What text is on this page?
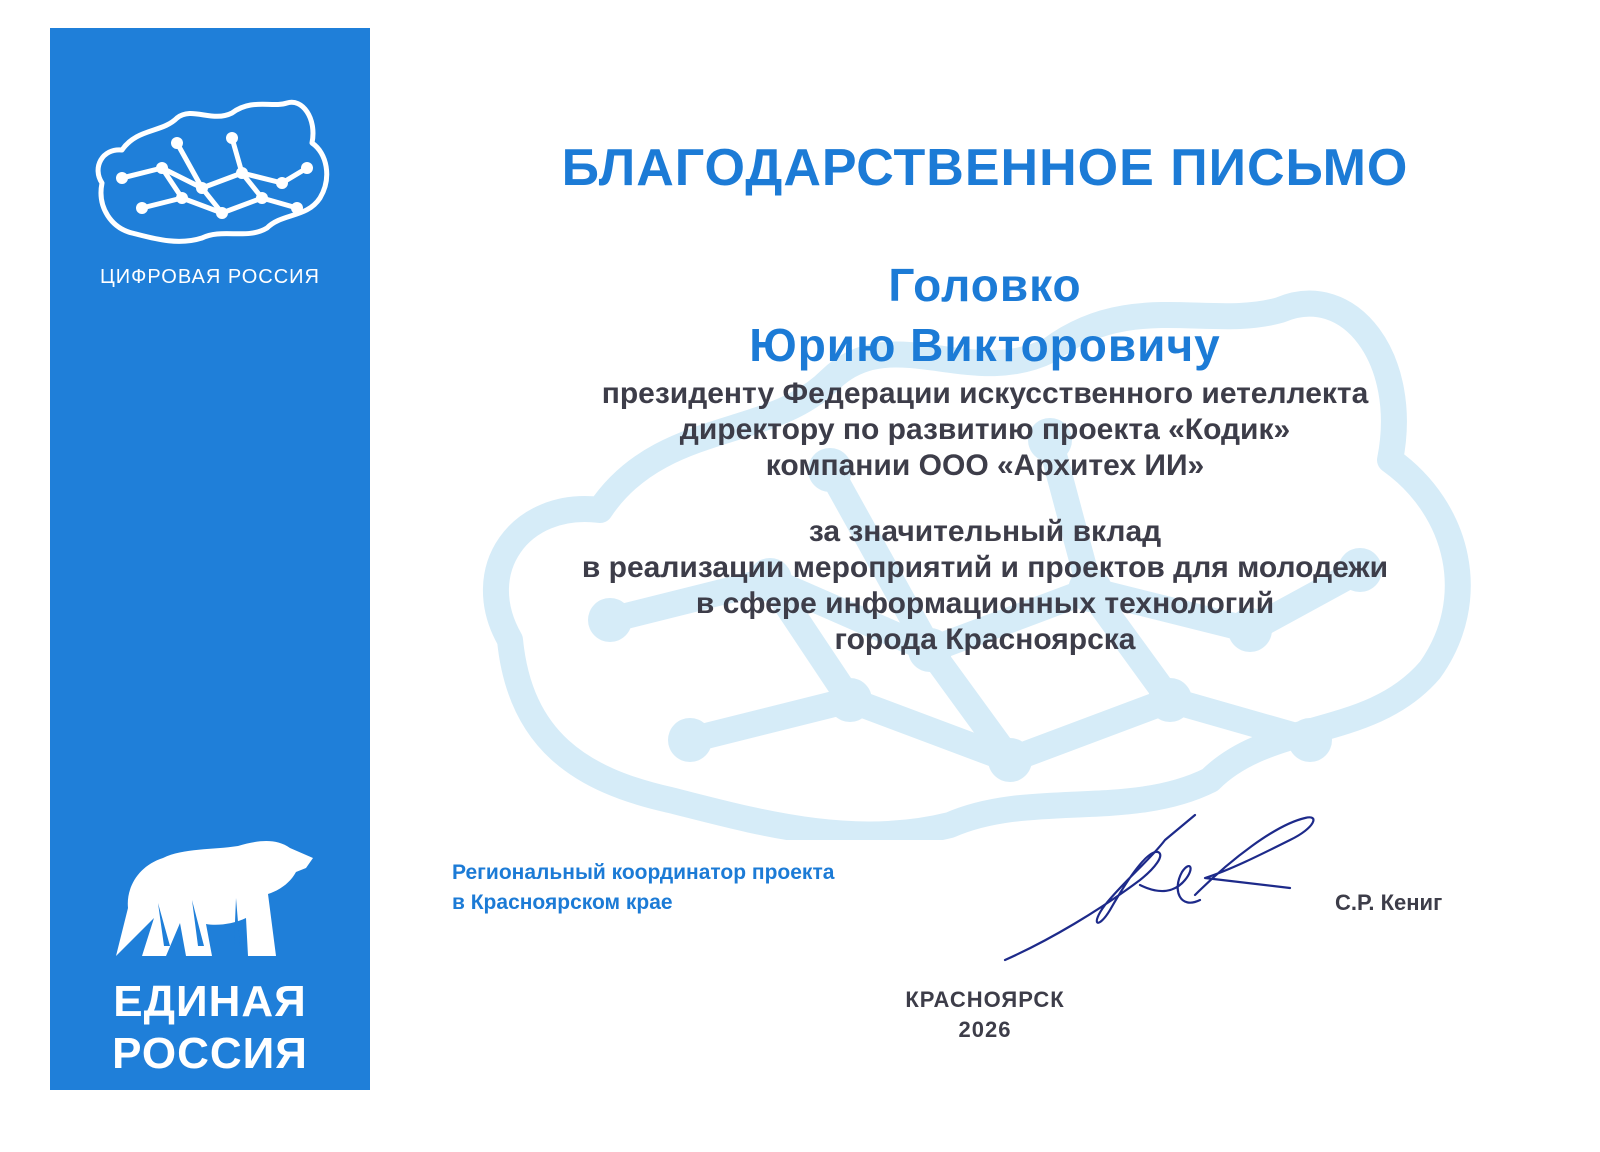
ЦИФРОВАЯ РОССИЯ
ЕДИНАЯ
РОССИЯ
БЛАГОДАРСТВЕННОЕ ПИСЬМО
Головко
Юрию Викторовичу
президенту Федерации искусственного иетеллекта
директору по развитию проекта «Кодик»
компании ООО «Архитех ИИ»
за значительный вклад
в реализации мероприятий и проектов для молодежи
в сфере информационных технологий
города Красноярска
Региональный координатор проекта
в Красноярском крае	С.Р. Кениг
КРАСНОЯРСК
2026
